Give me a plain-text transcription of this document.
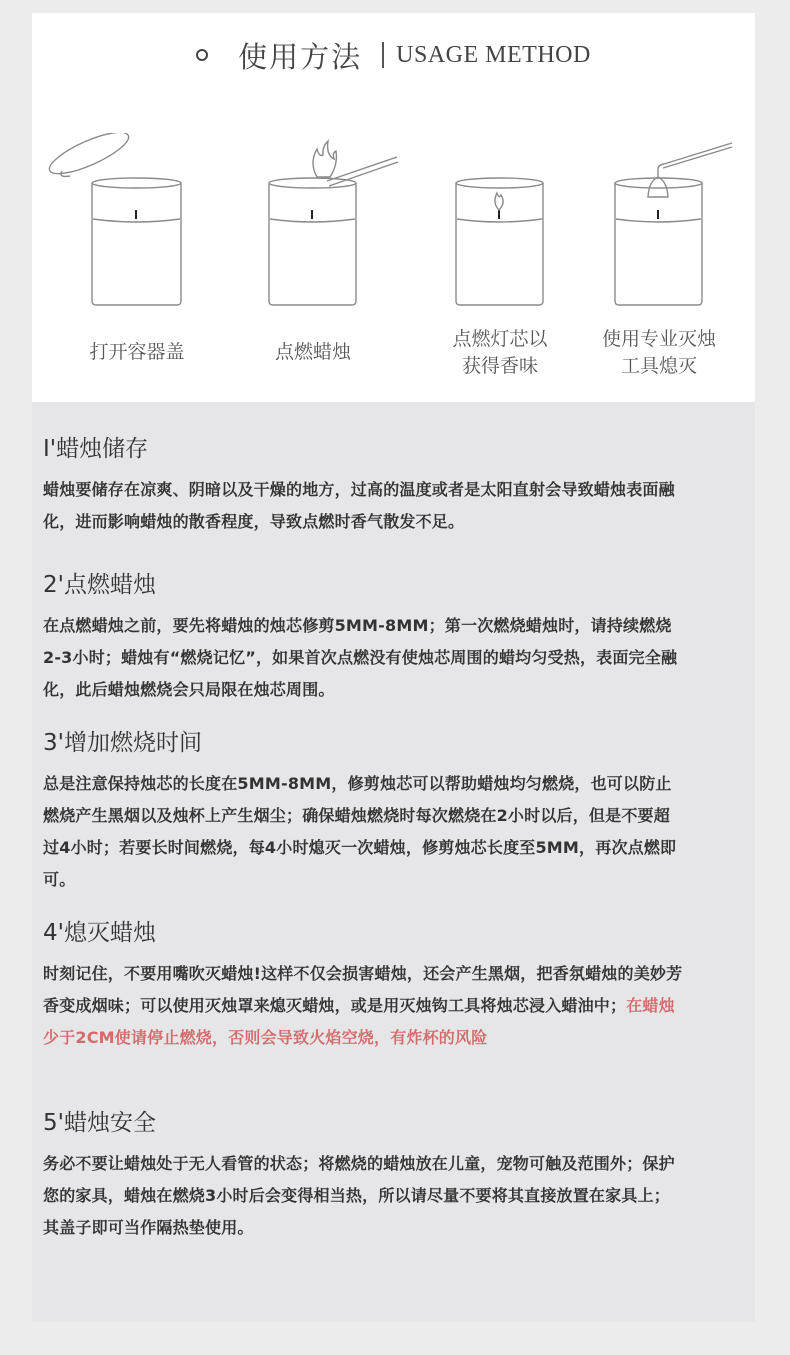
使用方法 USAGE METHOD
打开容器盖	点燃蜡烛
点燃灯芯以
获得香味
使用专业灭烛
工具熄灭
I'蜡烛储存

蜡烛要储存在凉爽、阴暗以及干燥的地方，过高的温度或者是太阳直射会导致蜡烛表面融化，进而影响蜡烛的散香程度，导致点燃时香气散发不足。

2'点燃蜡烛

在点燃蜡烛之前，要先将蜡烛的烛芯修剪5MM-8MM；第一次燃烧蜡烛时，请持续燃烧2-3小时；蜡烛有“燃烧记忆”，如果首次点燃没有使烛芯周围的蜡均匀受热，表面完全融化，此后蜡烛燃烧会只局限在烛芯周围。

3'增加燃烧时间

总是注意保持烛芯的长度在5MM-8MM，修剪烛芯可以帮助蜡烛均匀燃烧，也可以防止燃烧产生黑烟以及烛杯上产生烟尘；确保蜡烛燃烧时每次燃烧在2小时以后，但是不要超过4小时；若要长时间燃烧，每4小时熄灭一次蜡烛，修剪烛芯长度至5MM，再次点燃即可。

4'熄灭蜡烛

时刻记住，不要用嘴吹灭蜡烛!这样不仅会损害蜡烛，还会产生黑烟，把香氛蜡烛的美妙芳香变成烟味；可以使用灭烛罩来熄灭蜡烛，或是用灭烛钩工具将烛芯浸入蜡油中；在蜡烛少于2CM使请停止燃烧，否则会导致火焰空烧，有炸杯的风险

5'蜡烛安全

务必不要让蜡烛处于无人看管的状态；将燃烧的蜡烛放在儿童，宠物可触及范围外；保护您的家具，蜡烛在燃烧3小时后会变得相当热，所以请尽量不要将其直接放置在家具上；其盖子即可当作隔热垫使用。
